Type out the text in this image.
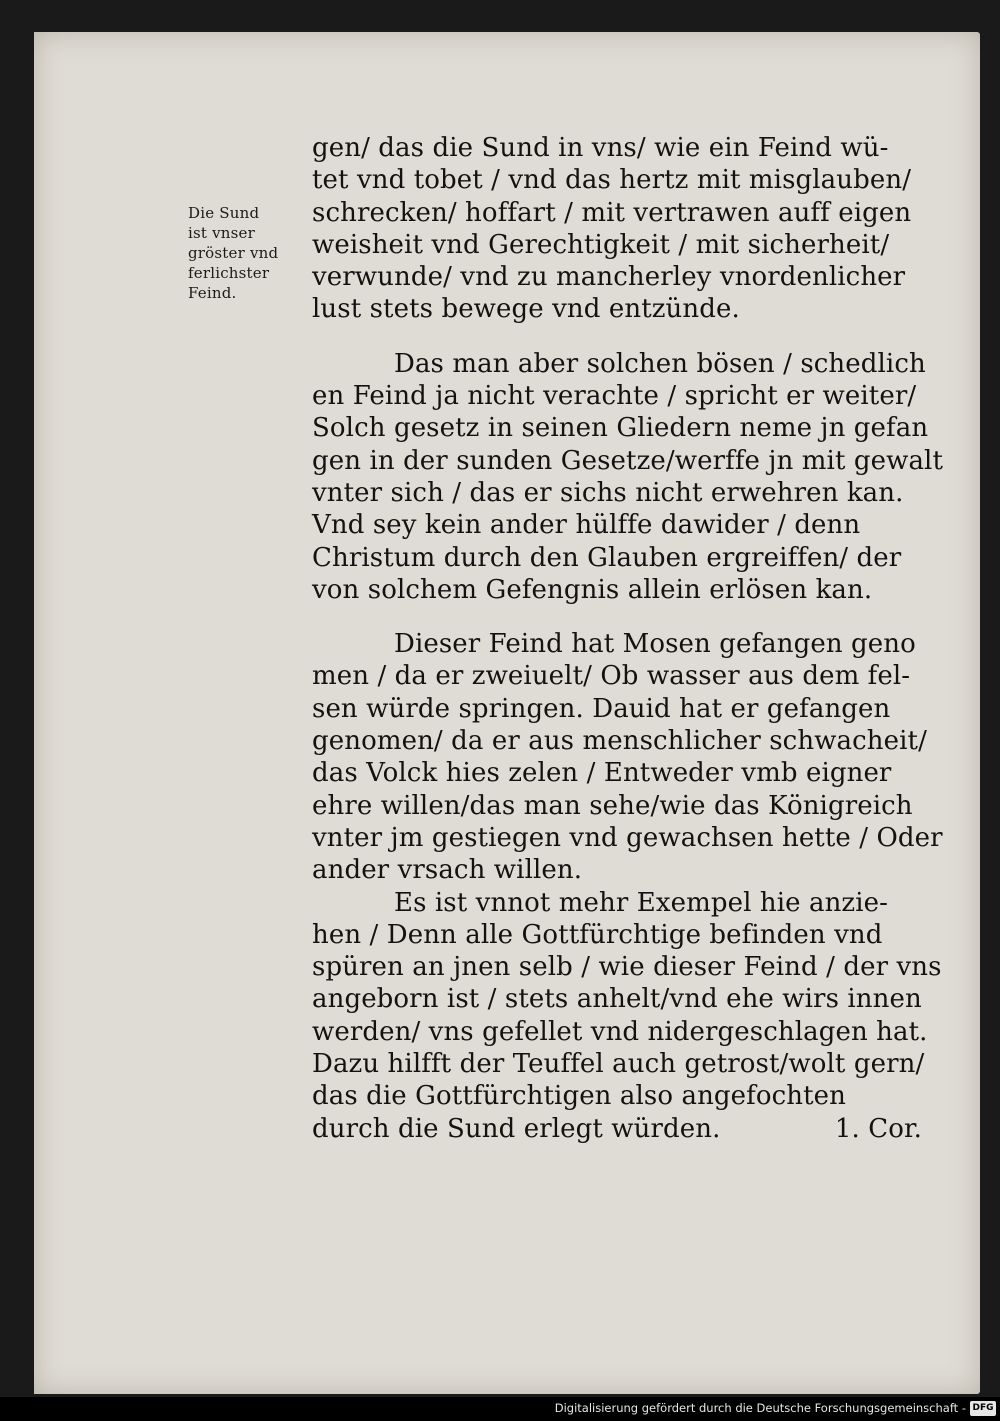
Die Sund
ist vnser
gröster vnd
ferlichster
Feind.
gen/ das die Sund in vns/ wie ein Feind wü-
tet vnd tobet / vnd das hertz mit misglauben/
schrecken/ hoffart / mit vertrawen auff eigen
weisheit vnd Gerechtigkeit / mit sicherheit/
verwunde/ vnd zu mancherley vnordenlicher
lust stets bewege vnd entzünde.
Das man aber solchen bösen / schedlich
en Feind ja nicht verachte / spricht er weiter/
Solch gesetz in seinen Gliedern neme jn gefan
gen in der sunden Gesetze/werffe jn mit gewalt
vnter sich / das er sichs nicht erwehren kan.
Vnd sey kein ander hülffe dawider / denn
Christum durch den Glauben ergreiffen/ der
von solchem Gefengnis allein erlösen kan.
Dieser Feind hat Mosen gefangen geno
men / da er zweiuelt/ Ob wasser aus dem fel-
sen würde springen. Dauid hat er gefangen
genomen/ da er aus menschlicher schwacheit/
das Volck hies zelen / Entweder vmb eigner
ehre willen/das man sehe/wie das Königreich
vnter jm gestiegen vnd gewachsen hette / Oder
ander vrsach willen.
Es ist vnnot mehr Exempel hie anzie-
hen / Denn alle Gottfürchtige befinden vnd
spüren an jnen selb / wie dieser Feind / der vns
angeborn ist / stets anhelt/vnd ehe wirs innen
werden/ vns gefellet vnd nidergeschlagen hat.
Dazu hilfft der Teuffel auch getrost/wolt gern/
das die Gottfürchtigen also angefochten
durch die Sund erlegt würden.	1. Cor.
Digitalisierung gefördert durch die Deutsche Forschungsgemeinschaft - DFG
